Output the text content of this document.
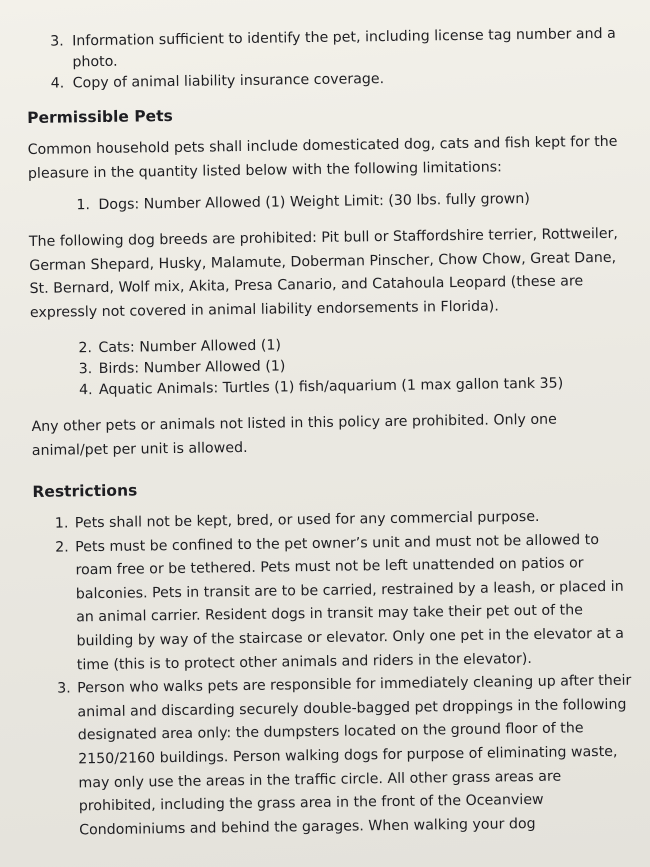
3. Information sufficient to identify the pet, including license tag number and a photo.
4. Copy of animal liability insurance coverage.
Permissible Pets

Common household pets shall include domesticated dog, cats and fish kept for the pleasure in the quantity listed below with the following limitations:

1. Dogs: Number Allowed (1) Weight Limit: (30 lbs. fully grown)

The following dog breeds are prohibited: Pit bull or Staffordshire terrier, Rottweiler, German Shepard, Husky, Malamute, Doberman Pinscher, Chow Chow, Great Dane, St. Bernard, Wolf mix, Akita, Presa Canario, and Catahoula Leopard (these are expressly not covered in animal liability endorsements in Florida).

2. Cats: Number Allowed (1)
3. Birds: Number Allowed (1)
4. Aquatic Animals: Turtles (1) fish/aquarium (1 max gallon tank 35)

Any other pets or animals not listed in this policy are prohibited. Only one animal/pet per unit is allowed.

Restrictions
1. Pets shall not be kept, bred, or used for any commercial purpose.
2. Pets must be confined to the pet owner’s unit and must not be allowed to roam free or be tethered. Pets must not be left unattended on patios or balconies. Pets in transit are to be carried, restrained by a leash, or placed in an animal carrier. Resident dogs in transit may take their pet out of the building by way of the staircase or elevator. Only one pet in the elevator at a time (this is to protect other animals and riders in the elevator).
3. Person who walks pets are responsible for immediately cleaning up after their animal and discarding securely double-bagged pet droppings in the following designated area only: the dumpsters located on the ground floor of the 2150/2160 buildings. Person walking dogs for purpose of eliminating waste, may only use the areas in the traffic circle. All other grass areas are prohibited, including the grass area in the front of the Oceanview Condominiums and behind the garages. When walking your dog
